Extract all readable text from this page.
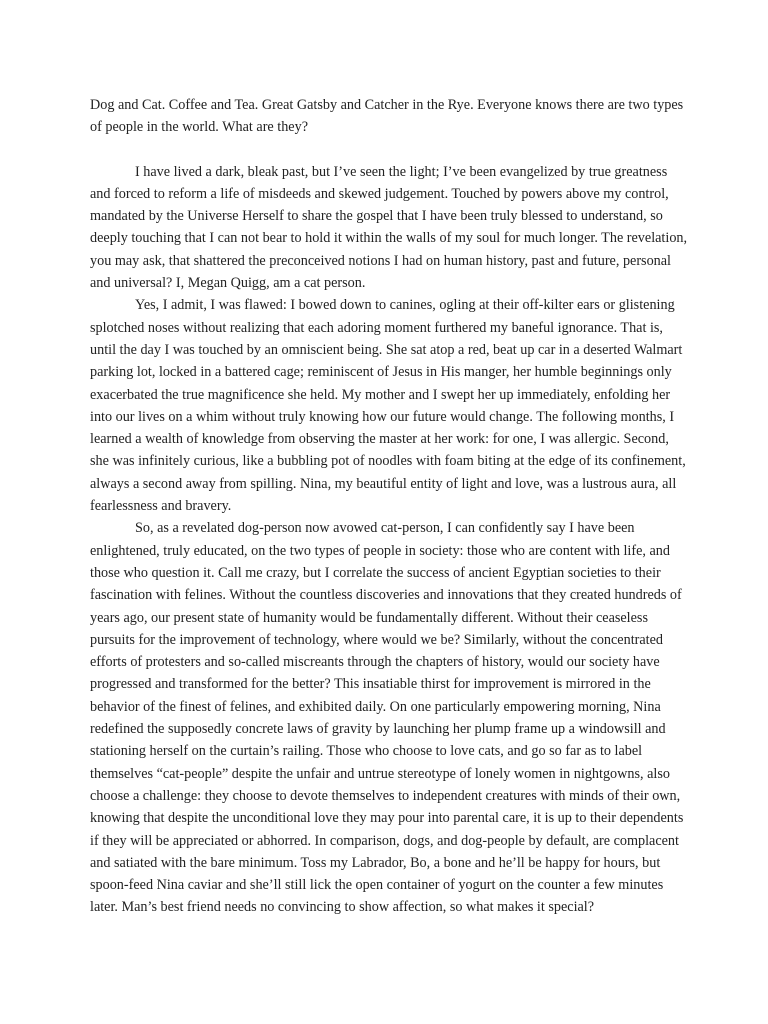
Dog and Cat. Coffee and Tea. Great Gatsby and Catcher in the Rye. Everyone knows there are two types of people in the world. What are they?

I have lived a dark, bleak past, but I’ve seen the light; I’ve been evangelized by true greatness and forced to reform a life of misdeeds and skewed judgement. Touched by powers above my control, mandated by the Universe Herself to share the gospel that I have been truly blessed to understand, so deeply touching that I can not bear to hold it within the walls of my soul for much longer. The revelation, you may ask, that shattered the preconceived notions I had on human history, past and future, personal and universal? I, Megan Quigg, am a cat person.

Yes, I admit, I was flawed: I bowed down to canines, ogling at their off-kilter ears or glistening splotched noses without realizing that each adoring moment furthered my baneful ignorance. That is, until the day I was touched by an omniscient being. She sat atop a red, beat up car in a deserted Walmart parking lot, locked in a battered cage; reminiscent of Jesus in His manger, her humble beginnings only exacerbated the true magnificence she held. My mother and I swept her up immediately, enfolding her into our lives on a whim without truly knowing how our future would change. The following months, I learned a wealth of knowledge from observing the master at her work: for one, I was allergic. Second, she was infinitely curious, like a bubbling pot of noodles with foam biting at the edge of its confinement, always a second away from spilling. Nina, my beautiful entity of light and love, was a lustrous aura, all fearlessness and bravery.

So, as a revelated dog-person now avowed cat-person, I can confidently say I have been enlightened, truly educated, on the two types of people in society: those who are content with life, and those who question it. Call me crazy, but I correlate the success of ancient Egyptian societies to their fascination with felines. Without the countless discoveries and innovations that they created hundreds of years ago, our present state of humanity would be fundamentally different. Without their ceaseless pursuits for the improvement of technology, where would we be? Similarly, without the concentrated efforts of protesters and so-called miscreants through the chapters of history, would our society have progressed and transformed for the better? This insatiable thirst for improvement is mirrored in the behavior of the finest of felines, and exhibited daily. On one particularly empowering morning, Nina redefined the supposedly concrete laws of gravity by launching her plump frame up a windowsill and stationing herself on the curtain’s railing. Those who choose to love cats, and go so far as to label themselves “cat-people” despite the unfair and untrue stereotype of lonely women in nightgowns, also choose a challenge: they choose to devote themselves to independent creatures with minds of their own, knowing that despite the unconditional love they may pour into parental care, it is up to their dependents if they will be appreciated or abhorred. In comparison, dogs, and dog-people by default, are complacent and satiated with the bare minimum. Toss my Labrador, Bo, a bone and he’ll be happy for hours, but spoon-feed Nina caviar and she’ll still lick the open container of yogurt on the counter a few minutes later. Man’s best friend needs no convincing to show affection, so what makes it special?
